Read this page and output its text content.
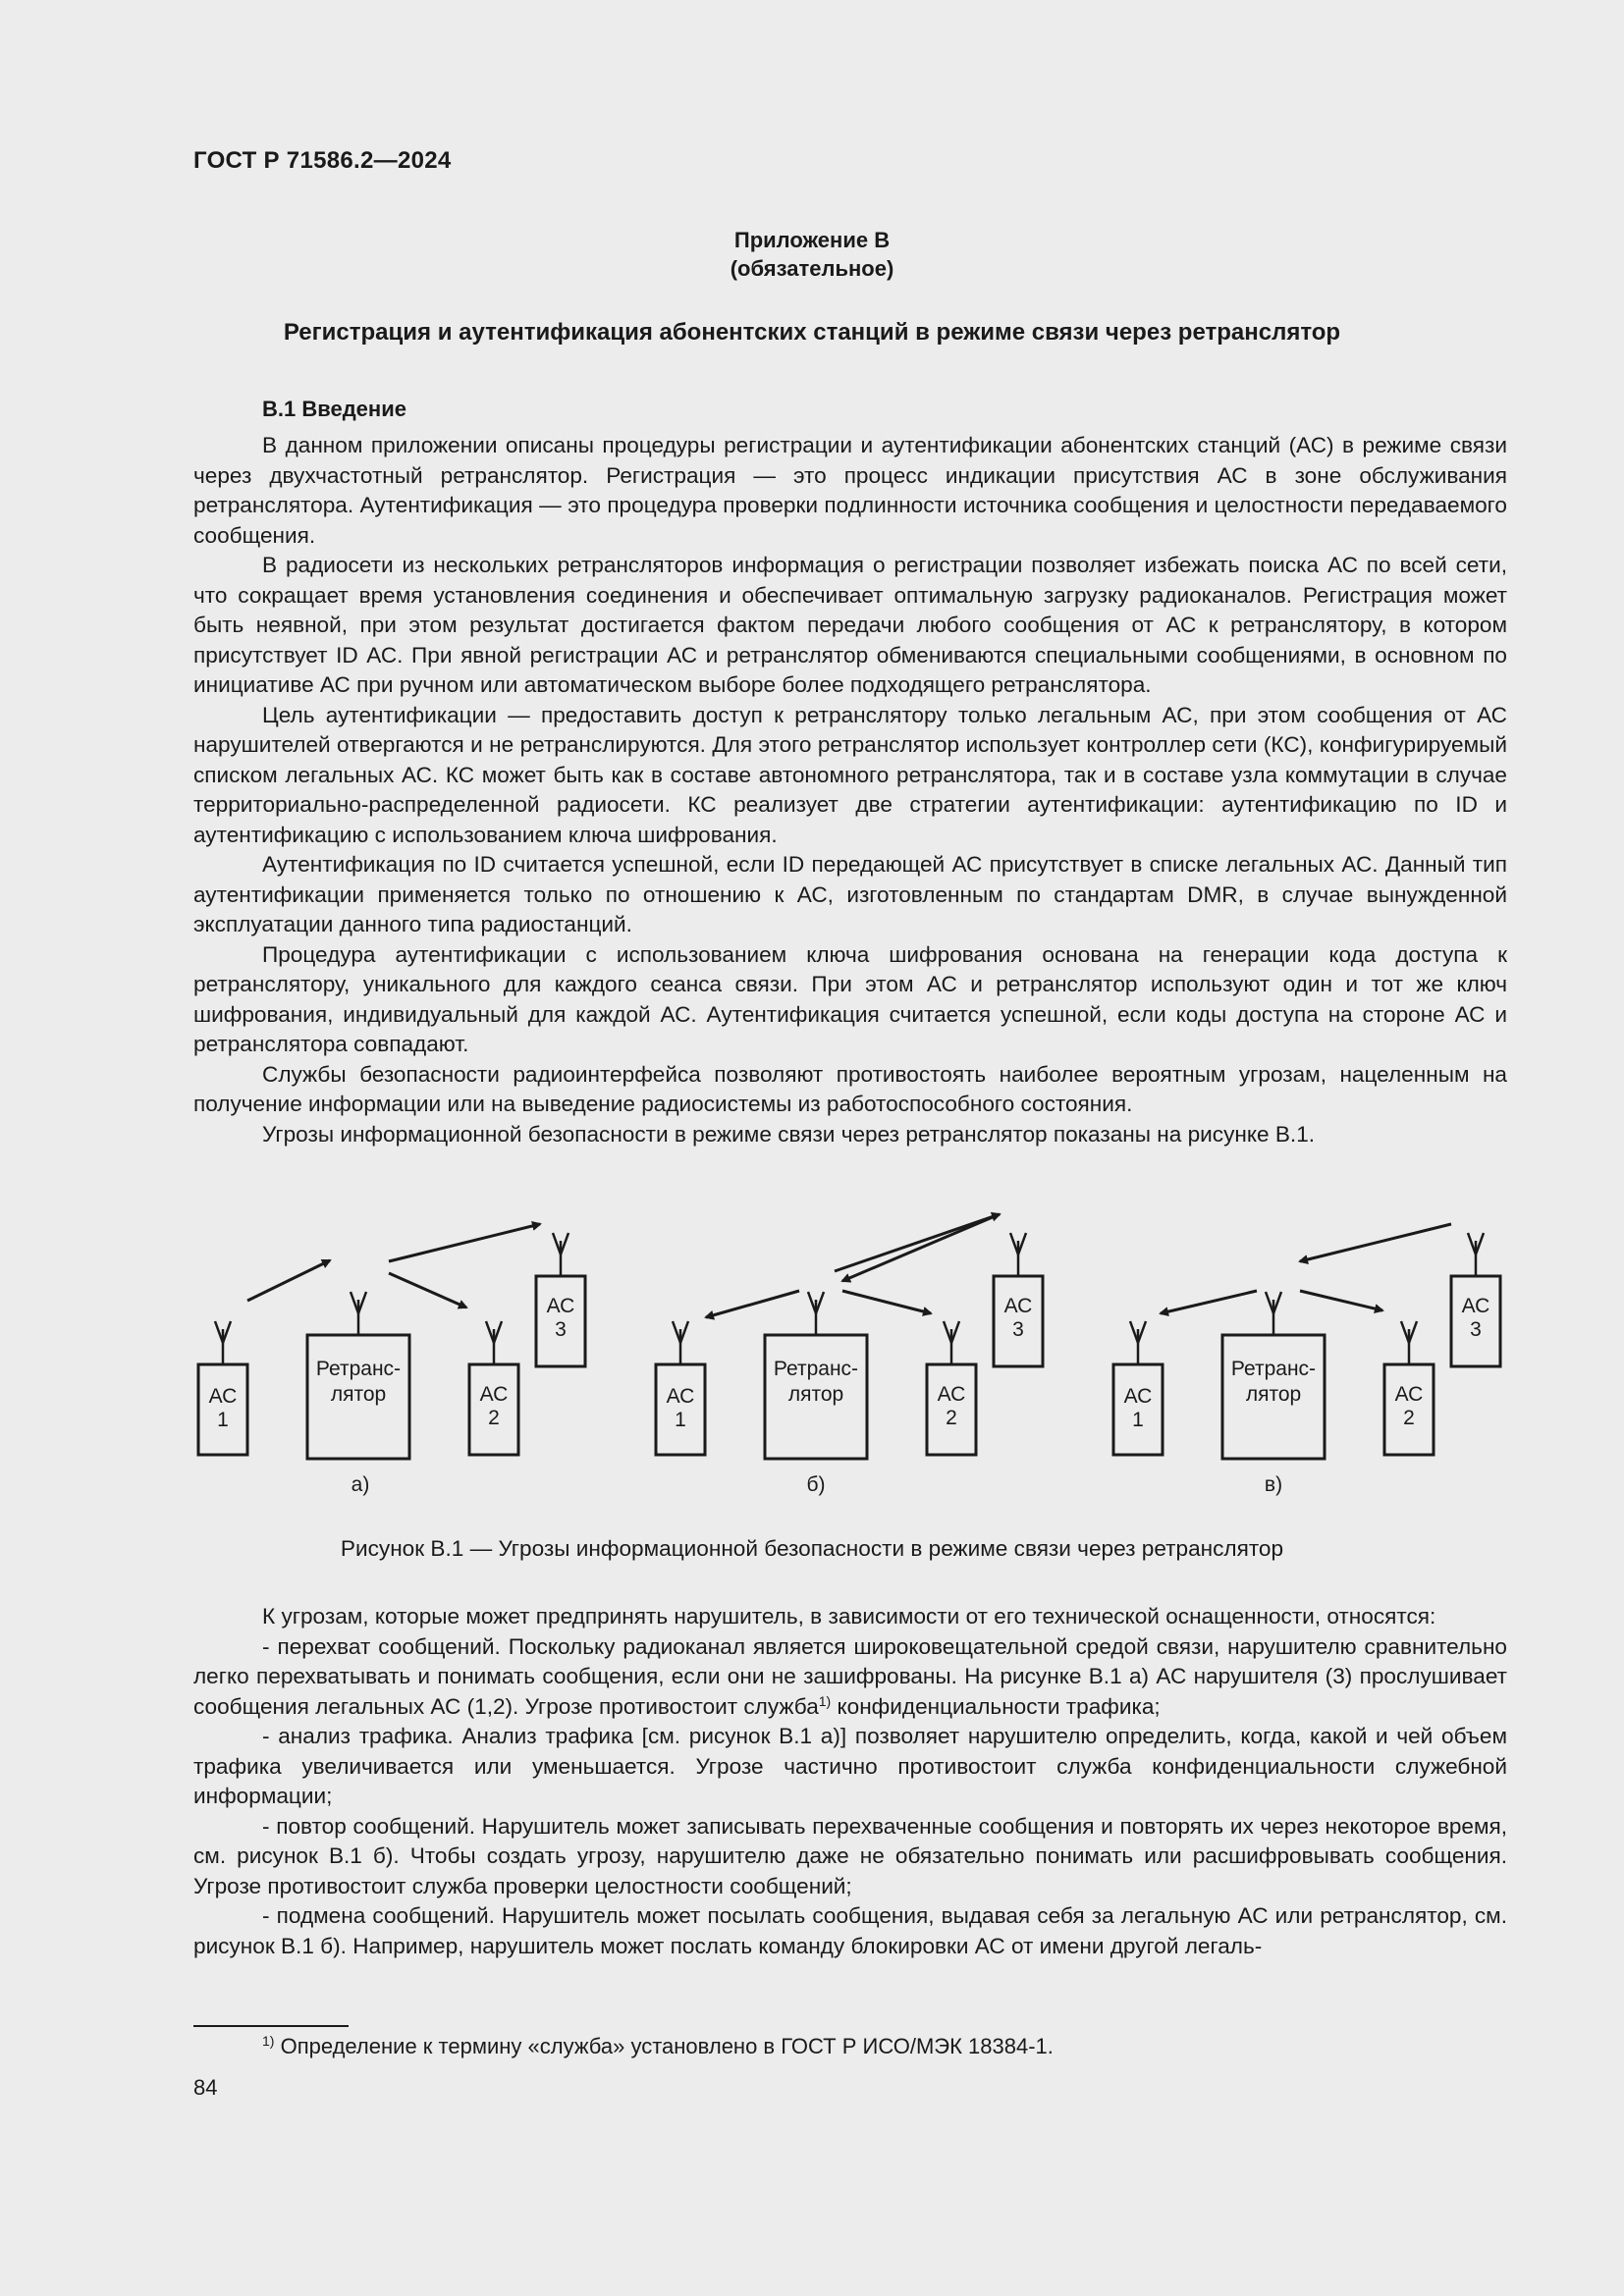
ГОСТ Р 71586.2—2024
Приложение В
(обязательное)
Регистрация и аутентификация абонентских станций в режиме связи через ретранслятор
В.1 Введение

В данном приложении описаны процедуры регистрации и аутентификации абонентских станций (АС) в режиме связи через двухчастотный ретранслятор. Регистрация — это процесс индикации присутствия АС в зоне обслуживания ретранслятора. Аутентификация — это процедура проверки подлинности источника сообщения и целостности передаваемого сообщения.

В радиосети из нескольких ретрансляторов информация о регистрации позволяет избежать поиска АС по всей сети, что сокращает время установления соединения и обеспечивает оптимальную загрузку радиоканалов. Регистрация может быть неявной, при этом результат достигается фактом передачи любого сообщения от АС к ретранслятору, в котором присутствует ID АС. При явной регистрации АС и ретранслятор обмениваются специальными сообщениями, в основном по инициативе АС при ручном или автоматическом выборе более подходящего ретранслятора.

Цель аутентификации — предоставить доступ к ретранслятору только легальным АС, при этом сообщения от АС нарушителей отвергаются и не ретранслируются. Для этого ретранслятор использует контроллер сети (КС), конфигурируемый списком легальных АС. КС может быть как в составе автономного ретранслятора, так и в составе узла коммутации в случае территориально-распределенной радиосети. КС реализует две стратегии аутентификации: аутентификацию по ID и аутентификацию с использованием ключа шифрования.

Аутентификация по ID считается успешной, если ID передающей АС присутствует в списке легальных АС. Данный тип аутентификации применяется только по отношению к АС, изготовленным по стандартам DMR, в случае вынужденной эксплуатации данного типа радиостанций.

Процедура аутентификации с использованием ключа шифрования основана на генерации кода доступа к ретранслятору, уникального для каждого сеанса связи. При этом АС и ретранслятор используют один и тот же ключ шифрования, индивидуальный для каждой АС. Аутентификация считается успешной, если коды доступа на стороне АС и ретранслятора совпадают.

Службы безопасности радиоинтерфейса позволяют противостоять наиболее вероятным угрозам, нацеленным на получение информации или на выведение радиосистемы из работоспособного состояния.

Угрозы информационной безопасности в режиме связи через ретранслятор показаны на рисунке В.1.

АС
1
Ретранс-
лятор	АС
2
АС
3
а)
АС
1
Ретранс-
лятор	АС
2
АС
3
б)
АС
1
Ретранс-
лятор	АС
2
АС
3
в)
Рисунок В.1 — Угрозы информационной безопасности в режиме связи через ретранслятор

К угрозам, которые может предпринять нарушитель, в зависимости от его технической оснащенности, относятся:

- перехват сообщений. Поскольку радиоканал является широковещательной средой связи, нарушителю сравнительно легко перехватывать и понимать сообщения, если они не зашифрованы. На рисунке В.1 а) АС нарушителя (3) прослушивает сообщения легальных АС (1,2). Угрозе противостоит служба$^{1)}$ конфиденциальности трафика;

- анализ трафика. Анализ трафика [см. рисунок В.1 а)] позволяет нарушителю определить, когда, какой и чей объем трафика увеличивается или уменьшается. Угрозе частично противостоит служба конфиденциальности служебной информации;

- повтор сообщений. Нарушитель может записывать перехваченные сообщения и повторять их через некоторое время, см. рисунок В.1 б). Чтобы создать угрозу, нарушителю даже не обязательно понимать или расшифровывать сообщения. Угрозе противостоит служба проверки целостности сообщений;

- подмена сообщений. Нарушитель может посылать сообщения, выдавая себя за легальную АС или ретранслятор, см. рисунок В.1 б). Например, нарушитель может послать команду блокировки АС от имени другой легаль-

$^{1)}$ Определение к термину «служба» установлено в ГОСТ Р ИСО/МЭК 18384-1.
84
